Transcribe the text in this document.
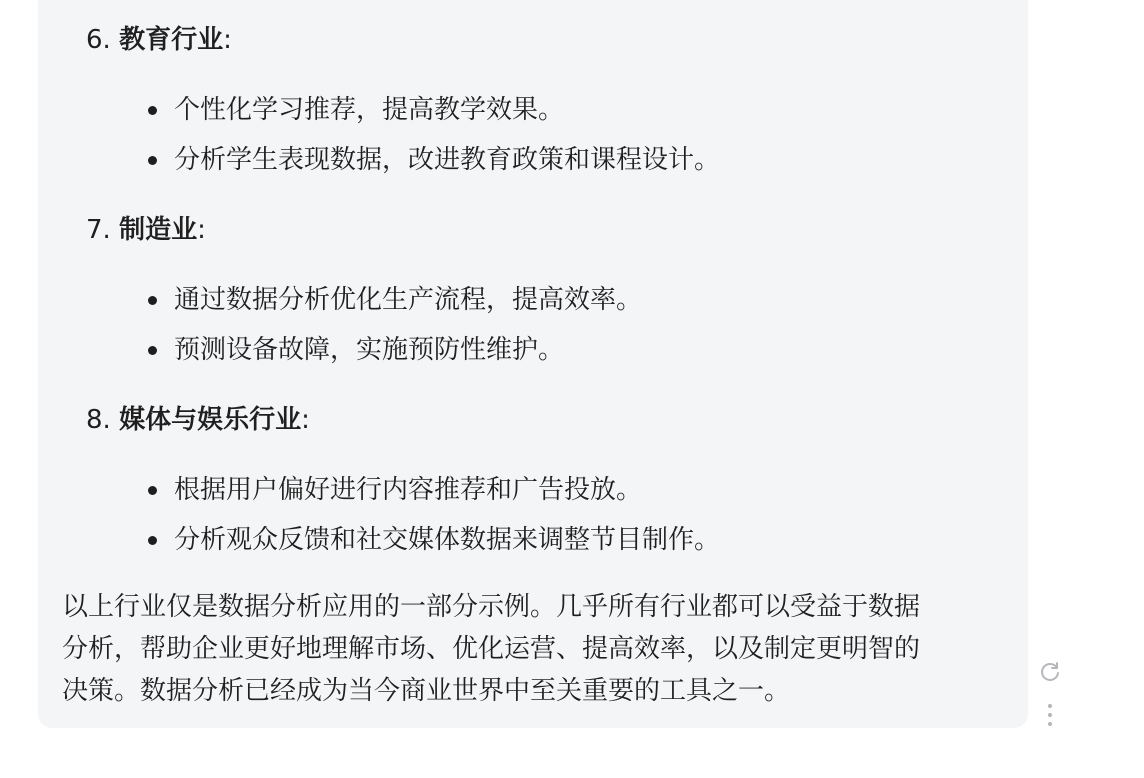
6. 教育行业:
个性化学习推荐，提高教学效果。
分析学生表现数据，改进教育政策和课程设计。
7. 制造业:
通过数据分析优化生产流程，提高效率。
预测设备故障，实施预防性维护。
8. 媒体与娱乐行业:
根据用户偏好进行内容推荐和广告投放。
分析观众反馈和社交媒体数据来调整节目制作。
以上行业仅是数据分析应用的一部分示例。几乎所有行业都可以受益于数据
分析，帮助企业更好地理解市场、优化运营、提高效率，以及制定更明智的
决策。数据分析已经成为当今商业世界中至关重要的工具之一。
